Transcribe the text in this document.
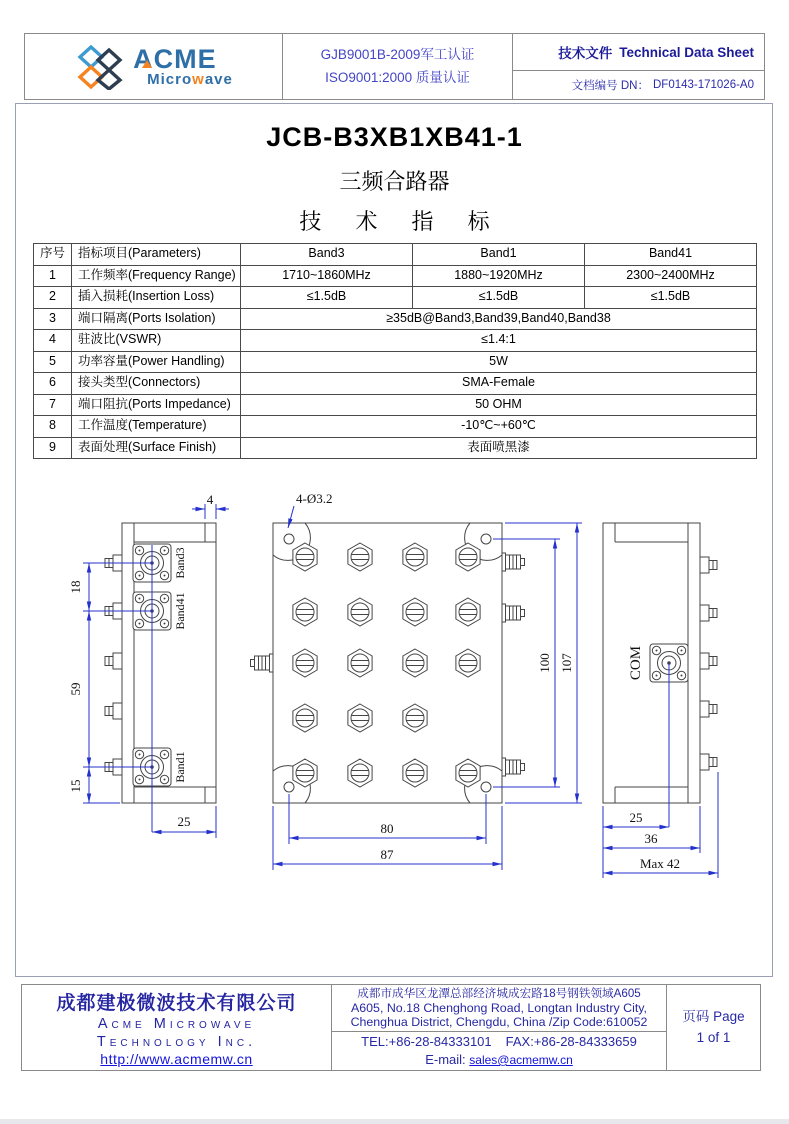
ACME
Microwave
GJB9001B-2009军工认证
ISO9001:2000 质量认证
技术文件 Technical Data Sheet
文档编号 DN： DF0143-171026-A0
JCB-B3XB1XB41-1
三频合路器
技 术 指 标
序号	指标项目(Parameters)	Band3	Band1	Band41
1	工作频率(Frequency Range)	1710~1860MHz	1880~1920MHz	2300~2400MHz
2	插入损耗(Insertion Loss)	≤1.5dB	≤1.5dB	≤1.5dB
3	端口隔离(Ports Isolation)	≥35dB@Band3,Band39,Band40,Band38		
4	驻波比(VSWR)	≤1.4:1		
5	功率容量(Power Handling)	5W		
6	接头类型(Connectors)	SMA-Female		
7	端口阻抗(Ports Impedance)	50 OHM		
8	工作温度(Temperature)	-10℃~+60℃		
9	表面处理(Surface Finish)	表面喷黑漆		
Band3
Band41
Band1
4
18
59
15
25
4-Ø3.2
100 107
80
87
COM
25
36
Max 42
成都建极微波技术有限公司
Acme Microwave
Technology Inc.
http://www.acmemw.cn
成都市成华区龙潭总部经济城成宏路18号钢铁领域A605
A605, No.18 Chenghong Road, Longtan Industry City,
Chenghua District, Chengdu, China /Zip Code:610052
TEL:+86-28-84333101 FAX:+86-28-84333659
E-mail: sales@acmemw.cn
页码 Page
1 of 1
